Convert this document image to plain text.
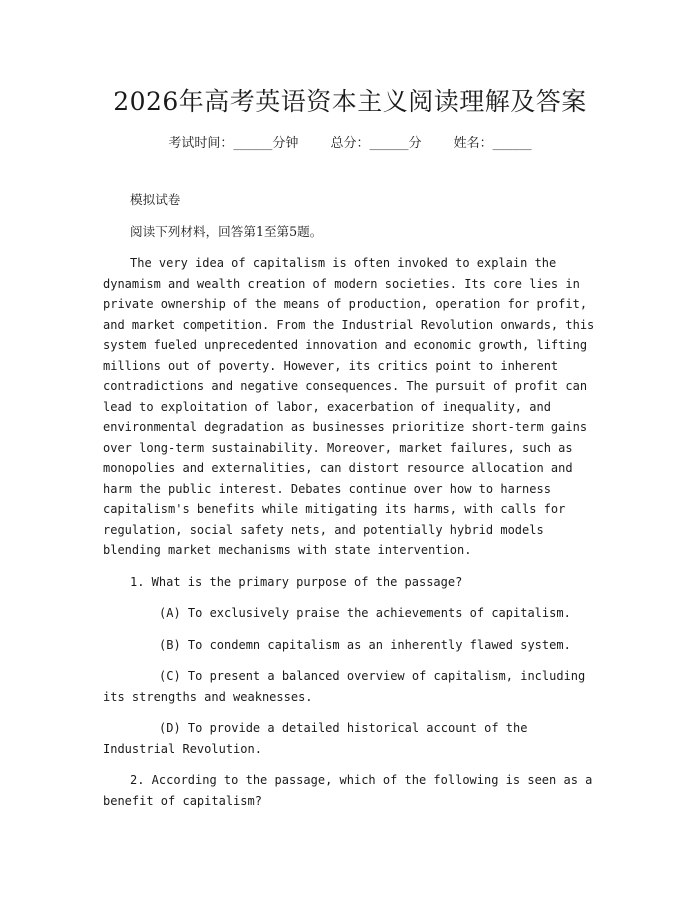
2026年高考英语资本主义阅读理解及答案
考试时间：______分钟 总分：______分 姓名：______

模拟试卷

阅读下列材料，回答第1至第5题。

The very idea of capitalism is often invoked to explain the dynamism and wealth creation of modern societies. Its core lies in private ownership of the means of production, operation for profit, and market competition. From the Industrial Revolution onwards, this system fueled unprecedented innovation and economic growth, lifting millions out of poverty. However, its critics point to inherent contradictions and negative consequences. The pursuit of profit can lead to exploitation of labor, exacerbation of inequality, and environmental degradation as businesses prioritize short-term gains over long-term sustainability. Moreover, market failures, such as monopolies and externalities, can distort resource allocation and harm the public interest. Debates continue over how to harness capitalism's benefits while mitigating its harms, with calls for regulation, social safety nets, and potentially hybrid models blending market mechanisms with state intervention.

1. What is the primary purpose of the passage?

(A) To exclusively praise the achievements of capitalism.

(B) To condemn capitalism as an inherently flawed system.

(C) To present a balanced overview of capitalism, including its strengths and weaknesses.

(D) To provide a detailed historical account of the Industrial Revolution.

2. According to the passage, which of the following is seen as a benefit of capitalism?
